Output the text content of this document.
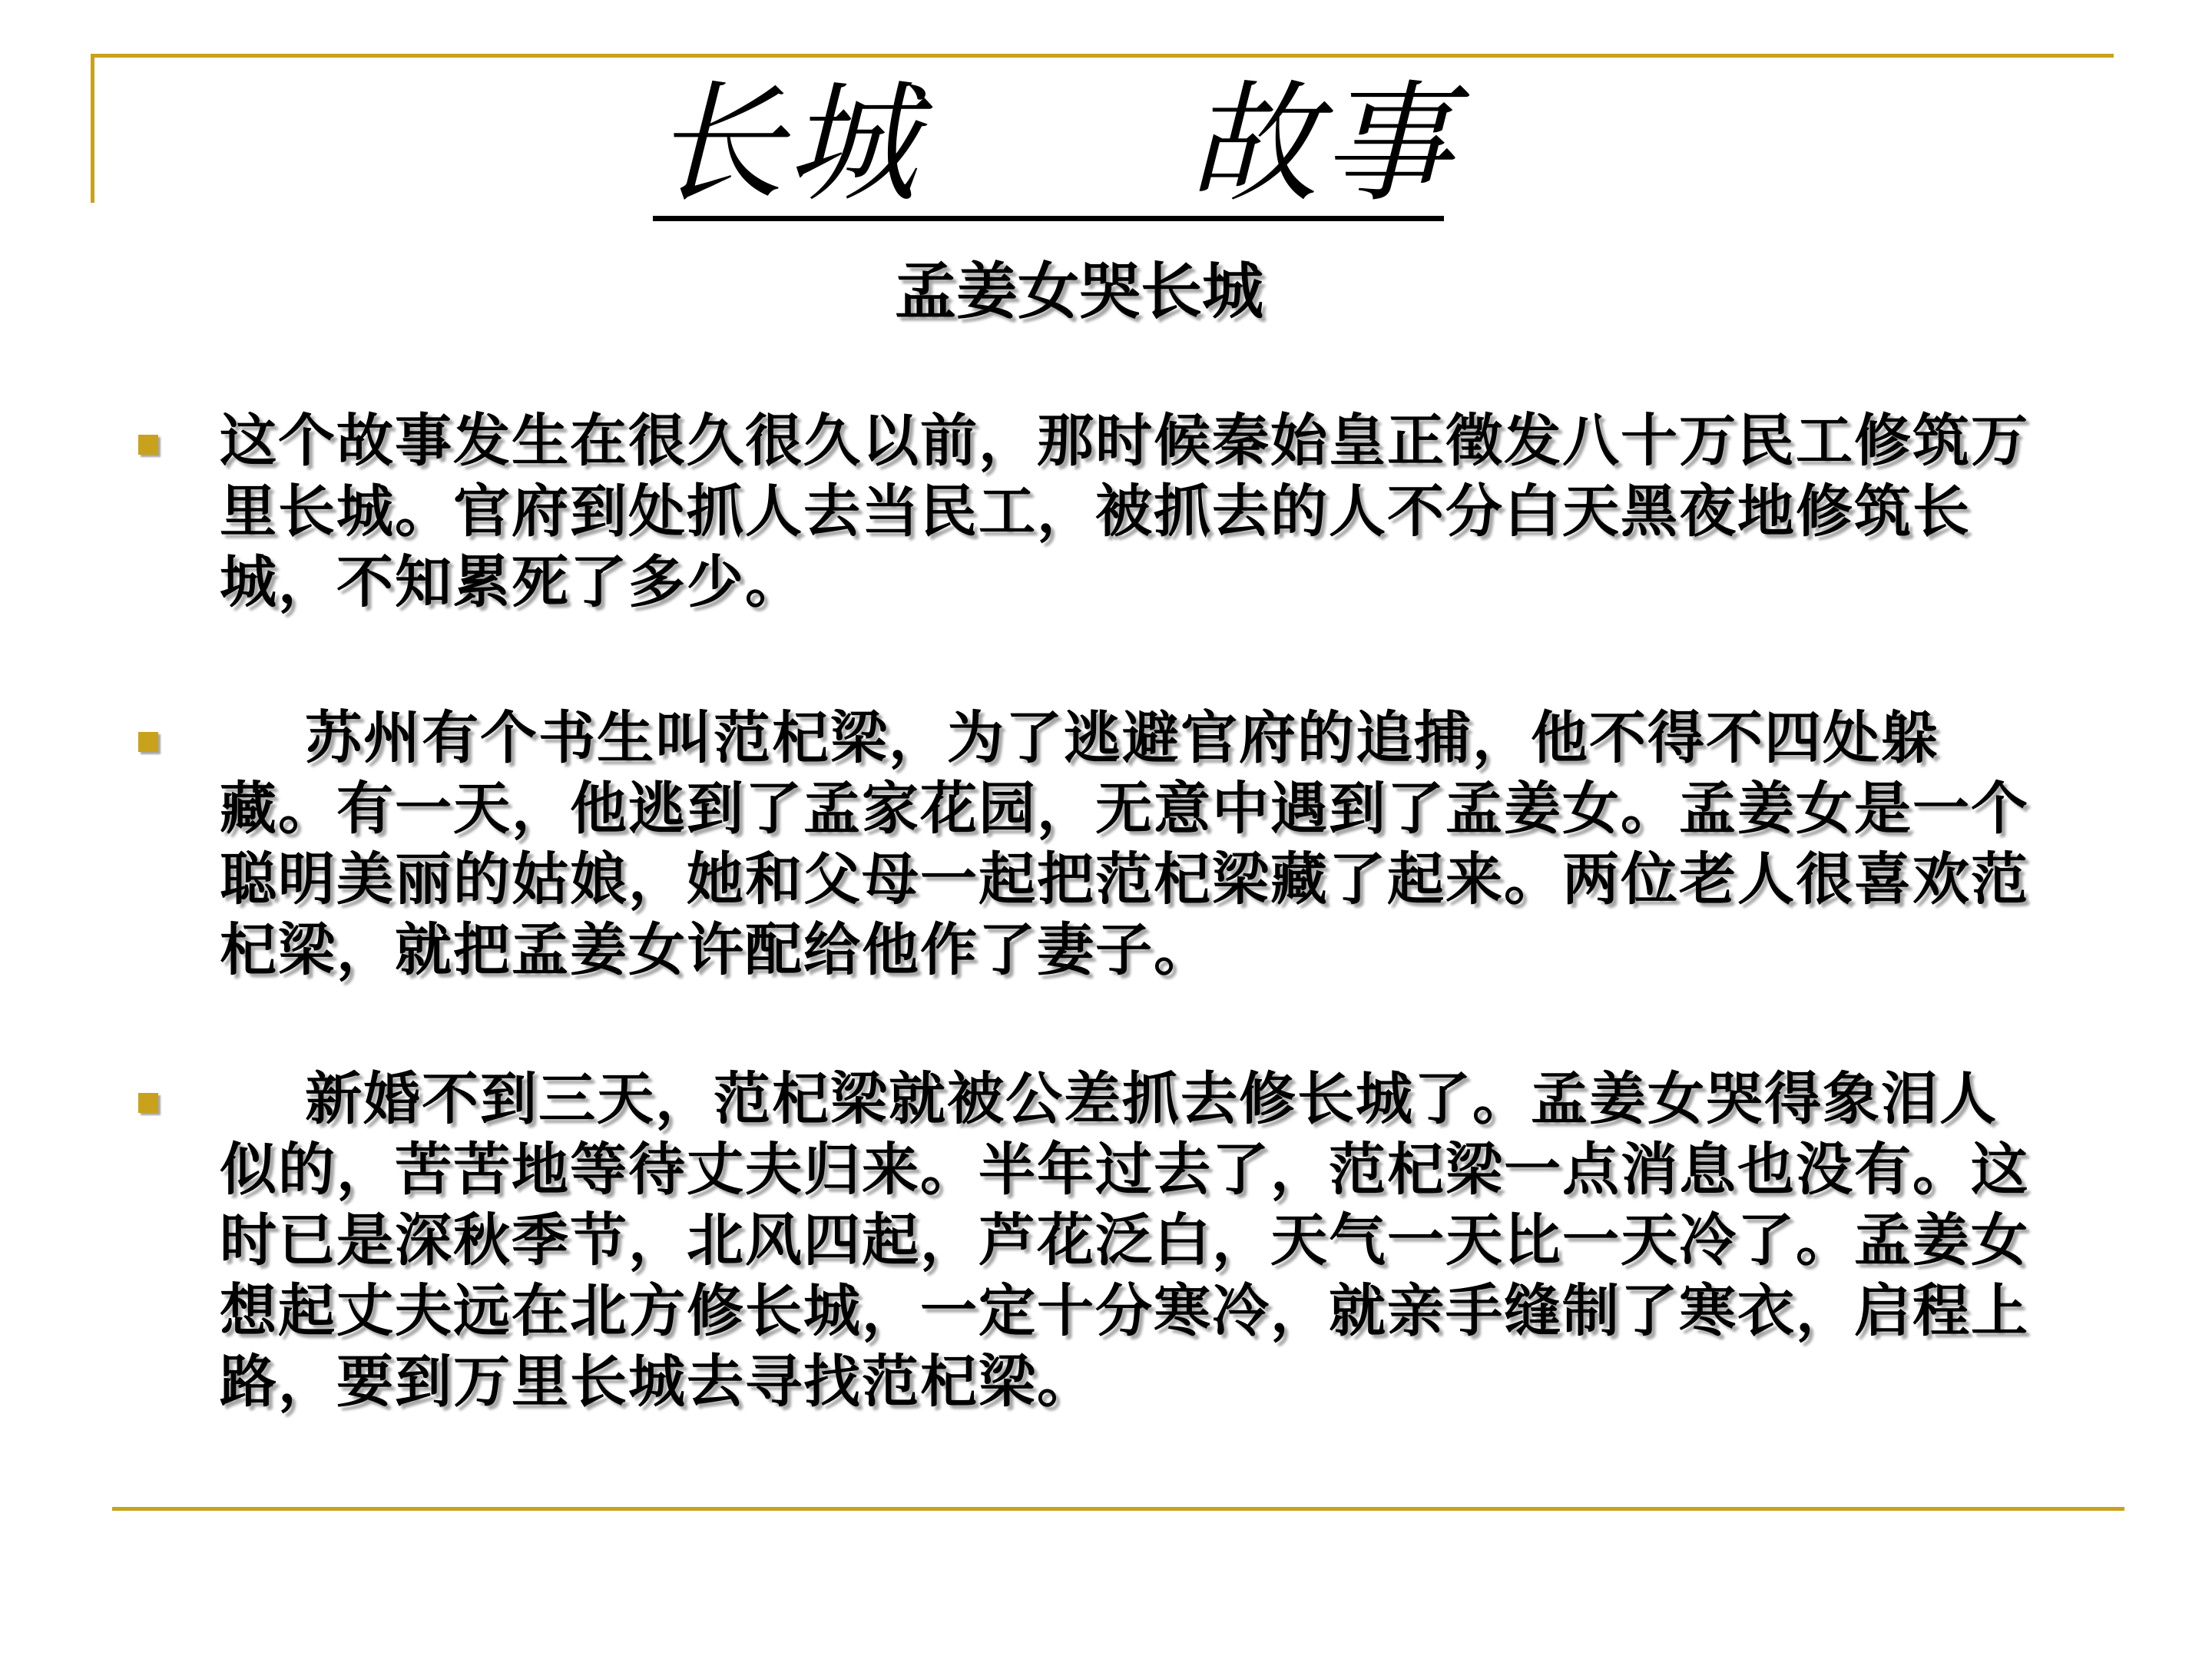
长城      故事
孟姜女哭长城
这个故事发生在很久很久以前，那时候秦始皇正徵发八十万民工修筑万里长城。官府到处抓人去当民工，被抓去的人不分白天黑夜地修筑长城，不知累死了多少。
苏州有个书生叫范杞梁，为了逃避官府的追捕，他不得不四处躲藏。有一天，他逃到了孟家花园，无意中遇到了孟姜女。孟姜女是一个聪明美丽的姑娘，她和父母一起把范杞梁藏了起来。两位老人很喜欢范杞梁，就把孟姜女许配给他作了妻子。
新婚不到三天，范杞梁就被公差抓去修长城了。孟姜女哭得象泪人似的，苦苦地等待丈夫归来。半年过去了，范杞梁一点消息也没有。这时已是深秋季节，北风四起，芦花泛白，天气一天比一天冷了。孟姜女想起丈夫远在北方修长城，一定十分寒冷，就亲手缝制了寒衣，启程上路，要到万里长城去寻找范杞梁。
